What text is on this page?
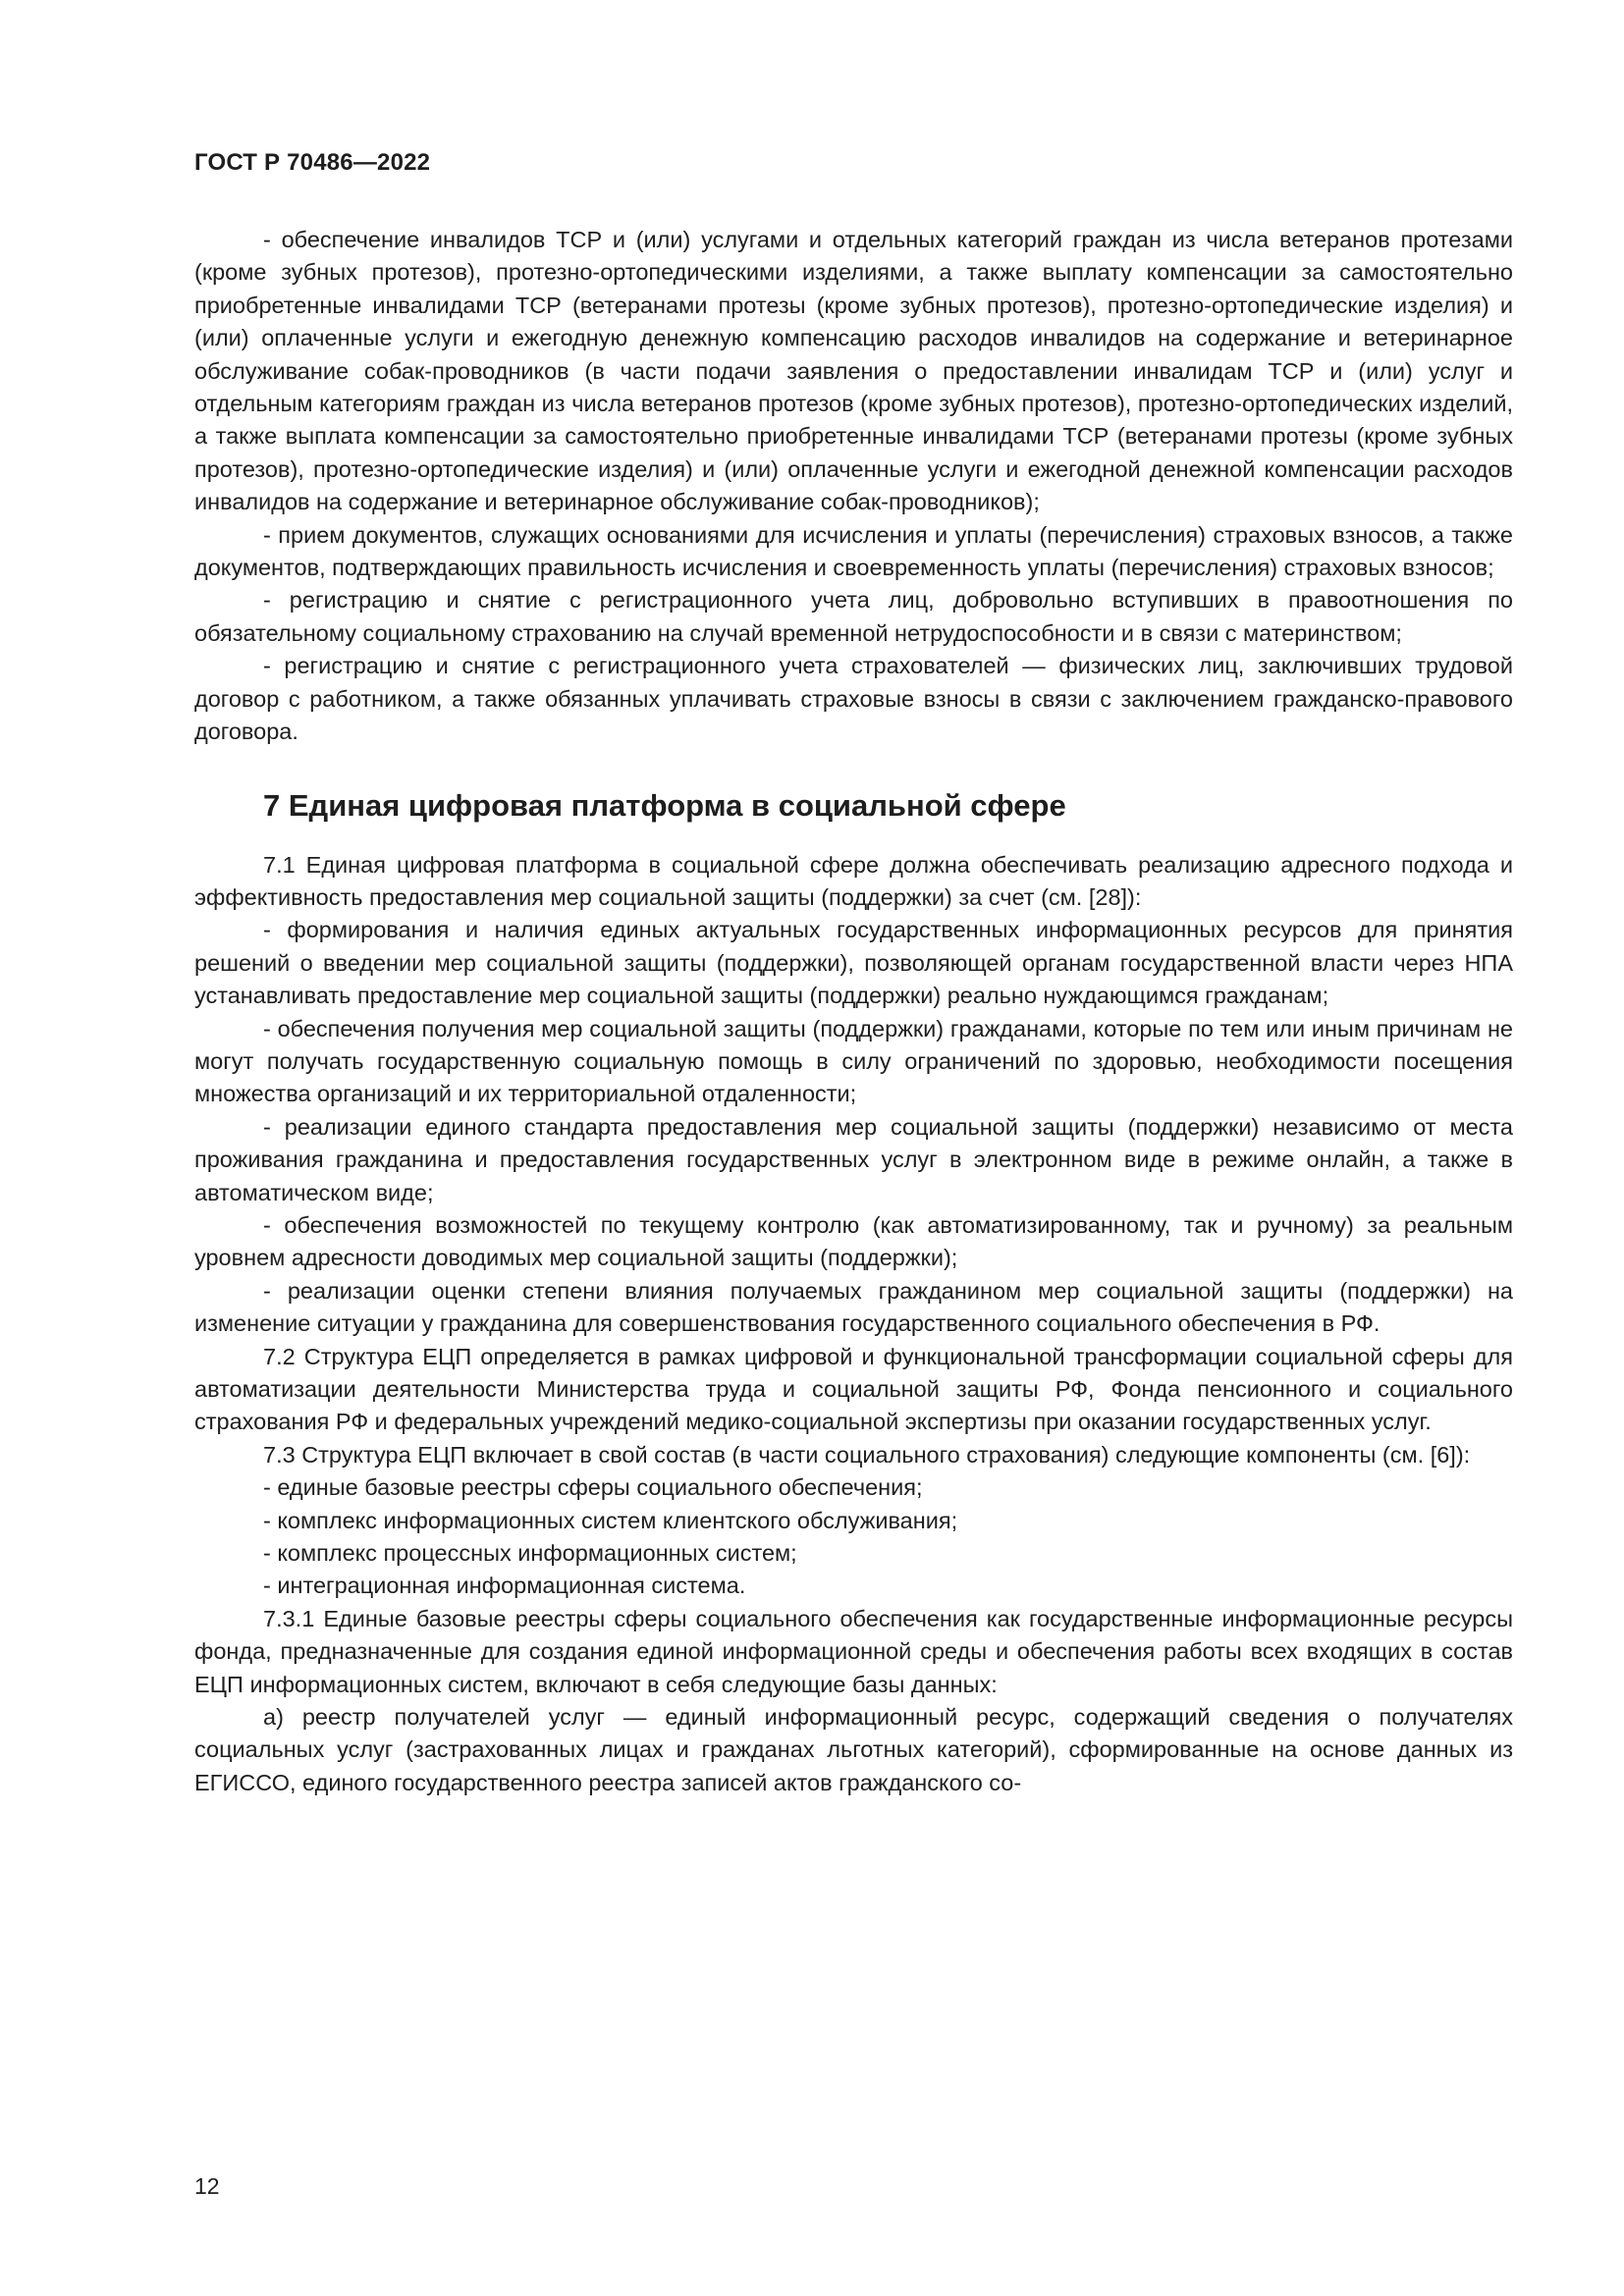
ГОСТ Р 70486—2022

- обеспечение инвалидов ТСР и (или) услугами и отдельных категорий граждан из числа ветеранов протезами (кроме зубных протезов), протезно-ортопедическими изделиями, а также выплату компенсации за самостоятельно приобретенные инвалидами ТСР (ветеранами протезы (кроме зубных протезов), протезно-ортопедические изделия) и (или) оплаченные услуги и ежегодную денежную компенсацию расходов инвалидов на содержание и ветеринарное обслуживание собак-проводников (в части подачи заявления о предоставлении инвалидам ТСР и (или) услуг и отдельным категориям граждан из числа ветеранов протезов (кроме зубных протезов), протезно-ортопедических изделий, а также выплата компенсации за самостоятельно приобретенные инвалидами ТСР (ветеранами протезы (кроме зубных протезов), протезно-ортопедические изделия) и (или) оплаченные услуги и ежегодной денежной компенсации расходов инвалидов на содержание и ветеринарное обслуживание собак-проводников);

- прием документов, служащих основаниями для исчисления и уплаты (перечисления) страховых взносов, а также документов, подтверждающих правильность исчисления и своевременность уплаты (перечисления) страховых взносов;

- регистрацию и снятие с регистрационного учета лиц, добровольно вступивших в правоотношения по обязательному социальному страхованию на случай временной нетрудоспособности и в связи с материнством;

- регистрацию и снятие с регистрационного учета страхователей — физических лиц, заключивших трудовой договор с работником, а также обязанных уплачивать страховые взносы в связи с заключением гражданско-правового договора.

7 Единая цифровая платформа в социальной сфере

7.1 Единая цифровая платформа в социальной сфере должна обеспечивать реализацию адресного подхода и эффективность предоставления мер социальной защиты (поддержки) за счет (см. [28]):

- формирования и наличия единых актуальных государственных информационных ресурсов для принятия решений о введении мер социальной защиты (поддержки), позволяющей органам государственной власти через НПА устанавливать предоставление мер социальной защиты (поддержки) реально нуждающимся гражданам;

- обеспечения получения мер социальной защиты (поддержки) гражданами, которые по тем или иным причинам не могут получать государственную социальную помощь в силу ограничений по здоровью, необходимости посещения множества организаций и их территориальной отдаленности;

- реализации единого стандарта предоставления мер социальной защиты (поддержки) независимо от места проживания гражданина и предоставления государственных услуг в электронном виде в режиме онлайн, а также в автоматическом виде;

- обеспечения возможностей по текущему контролю (как автоматизированному, так и ручному) за реальным уровнем адресности доводимых мер социальной защиты (поддержки);

- реализации оценки степени влияния получаемых гражданином мер социальной защиты (поддержки) на изменение ситуации у гражданина для совершенствования государственного социального обеспечения в РФ.

7.2 Структура ЕЦП определяется в рамках цифровой и функциональной трансформации социальной сферы для автоматизации деятельности Министерства труда и социальной защиты РФ, Фонда пенсионного и социального страхования РФ и федеральных учреждений медико-социальной экспертизы при оказании государственных услуг.

7.3 Структура ЕЦП включает в свой состав (в части социального страхования) следующие компоненты (см. [6]):

- единые базовые реестры сферы социального обеспечения;

- комплекс информационных систем клиентского обслуживания;

- комплекс процессных информационных систем;

- интеграционная информационная система.

7.3.1 Единые базовые реестры сферы социального обеспечения как государственные информационные ресурсы фонда, предназначенные для создания единой информационной среды и обеспечения работы всех входящих в состав ЕЦП информационных систем, включают в себя следующие базы данных:

а) реестр получателей услуг — единый информационный ресурс, содержащий сведения о получателях социальных услуг (застрахованных лицах и гражданах льготных категорий), сформированные на основе данных из ЕГИССО, единого государственного реестра записей актов гражданского со-

12
